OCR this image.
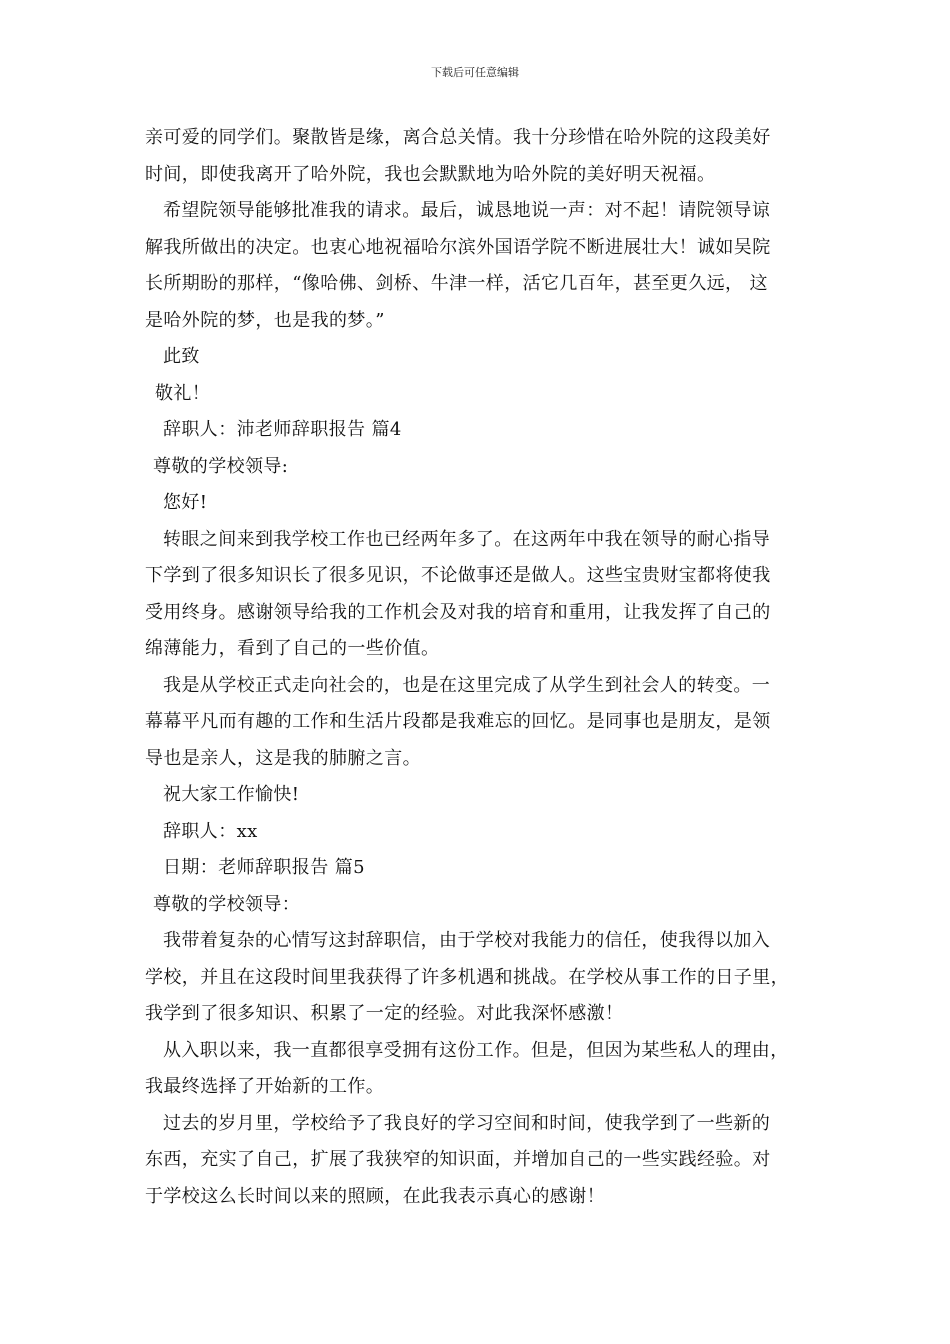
下载后可任意编辑
亲可爱的同学们。聚散皆是缘，离合总关情。我十分珍惜在哈外院的这段美好
时间，即使我离开了哈外院，我也会默默地为哈外院的美好明天祝福。
希望院领导能够批准我的请求。最后，诚恳地说一声：对不起！请院领导谅
解我所做出的决定。也衷心地祝福哈尔滨外国语学院不断进展壮大！诚如吴院
长所期盼的那样，“像哈佛、剑桥、牛津一样，活它几百年，甚至更久远， 这
是哈外院的梦，也是我的梦。”
此致
敬礼！
辞职人：沛老师辞职报告 篇4
尊敬的学校领导:
您好!
转眼之间来到我学校工作也已经两年多了。在这两年中我在领导的耐心指导
下学到了很多知识长了很多见识，不论做事还是做人。这些宝贵财宝都将使我
受用终身。感谢领导给我的工作机会及对我的培育和重用，让我发挥了自己的
绵薄能力，看到了自己的一些价值。
我是从学校正式走向社会的，也是在这里完成了从学生到社会人的转变。一
幕幕平凡而有趣的工作和生活片段都是我难忘的回忆。是同事也是朋友，是领
导也是亲人，这是我的肺腑之言。
祝大家工作愉快!
辞职人：xx
日期：老师辞职报告 篇5
尊敬的学校领导：
我带着复杂的心情写这封辞职信，由于学校对我能力的信任，使我得以加入
学校，并且在这段时间里我获得了许多机遇和挑战。在学校从事工作的日子里，
我学到了很多知识、积累了一定的经验。对此我深怀感激！
从入职以来，我一直都很享受拥有这份工作。但是，但因为某些私人的理由，
我最终选择了开始新的工作。
过去的岁月里，学校给予了我良好的学习空间和时间，使我学到了一些新的
东西，充实了自己，扩展了我狭窄的知识面，并增加自己的一些实践经验。对
于学校这么长时间以来的照顾，在此我表示真心的感谢！
